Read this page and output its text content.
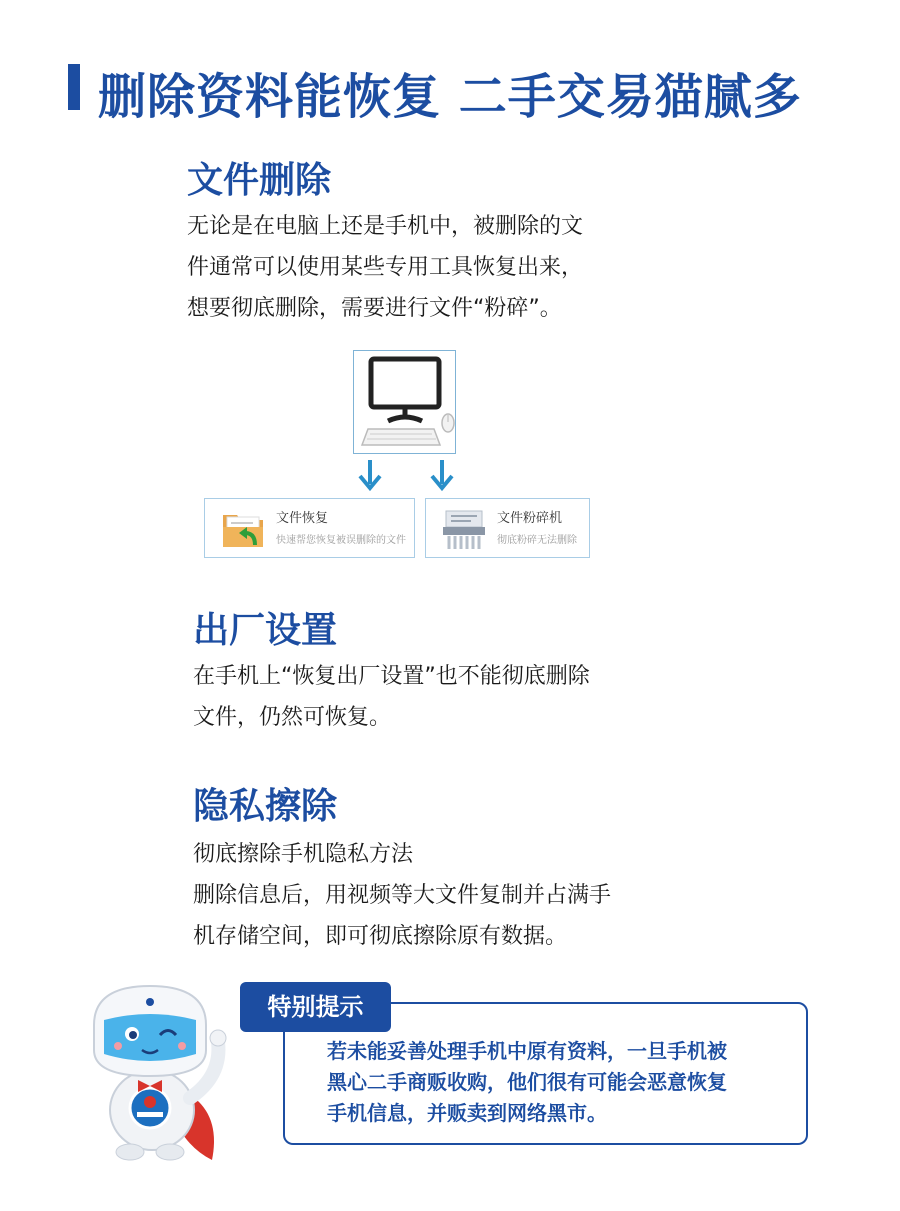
删除资料能恢复 二手交易猫腻多
文件删除
无论是在电脑上还是手机中，被删除的文
件通常可以使用某些专用工具恢复出来，
想要彻底删除，需要进行文件“粉碎”。
文件恢复
快速帮您恢复被误删除的文件
文件粉碎机
彻底粉碎无法删除
出厂设置
在手机上“恢复出厂设置”也不能彻底删除
文件，仍然可恢复。
隐私擦除
彻底擦除手机隐私方法
删除信息后，用视频等大文件复制并占满手
机存储空间，即可彻底擦除原有数据。
特别提示
若未能妥善处理手机中原有资料，一旦手机被
黑心二手商贩收购，他们很有可能会恶意恢复
手机信息，并贩卖到网络黑市。
